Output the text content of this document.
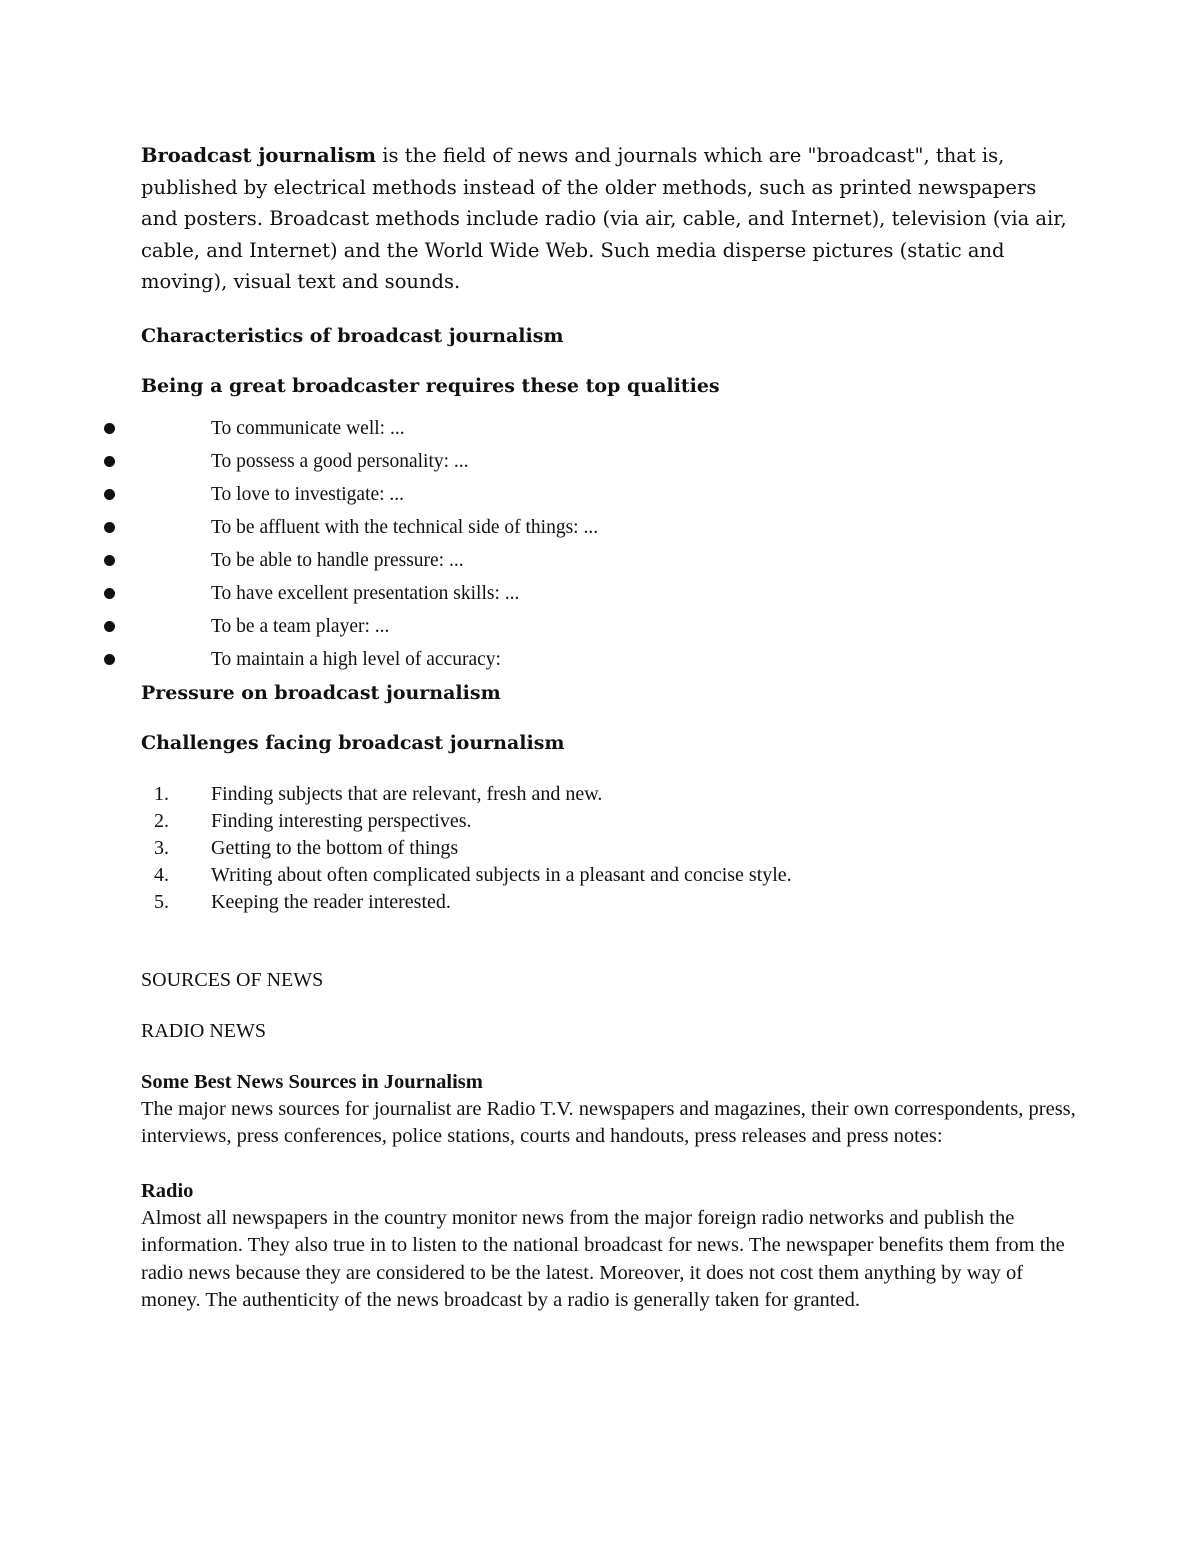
Broadcast journalism is the field of news and journals which are "broadcast", that is, published by electrical methods instead of the older methods, such as printed newspapers and posters. Broadcast methods include radio (via air, cable, and Internet), television (via air, cable, and Internet) and the World Wide Web. Such media disperse pictures (static and moving), visual text and sounds.

Characteristics of broadcast journalism

Being a great broadcaster requires these top qualities

To communicate well: ...
To possess a good personality: ...
To love to investigate: ...
To be affluent with the technical side of things: ...
To be able to handle pressure: ...
To have excellent presentation skills: ...
To be a team player: ...
To maintain a high level of accuracy:

Pressure on broadcast journalism

Challenges facing broadcast journalism

1. Finding subjects that are relevant, fresh and new.
2. Finding interesting perspectives.
3. Getting to the bottom of things
4. Writing about often complicated subjects in a pleasant and concise style.
5. Keeping the reader interested.

SOURCES OF NEWS

RADIO NEWS

Some Best News Sources in Journalism

The major news sources for journalist are Radio T.V. newspapers and magazines, their own correspondents, press, interviews, press conferences, police stations, courts and handouts, press releases and press notes:

Radio

Almost all newspapers in the country monitor news from the major foreign radio networks and publish the information. They also true in to listen to the national broadcast for news. The newspaper benefits them from the radio news because they are considered to be the latest. Moreover, it does not cost them anything by way of money. The authenticity of the news broadcast by a radio is generally taken for granted.
